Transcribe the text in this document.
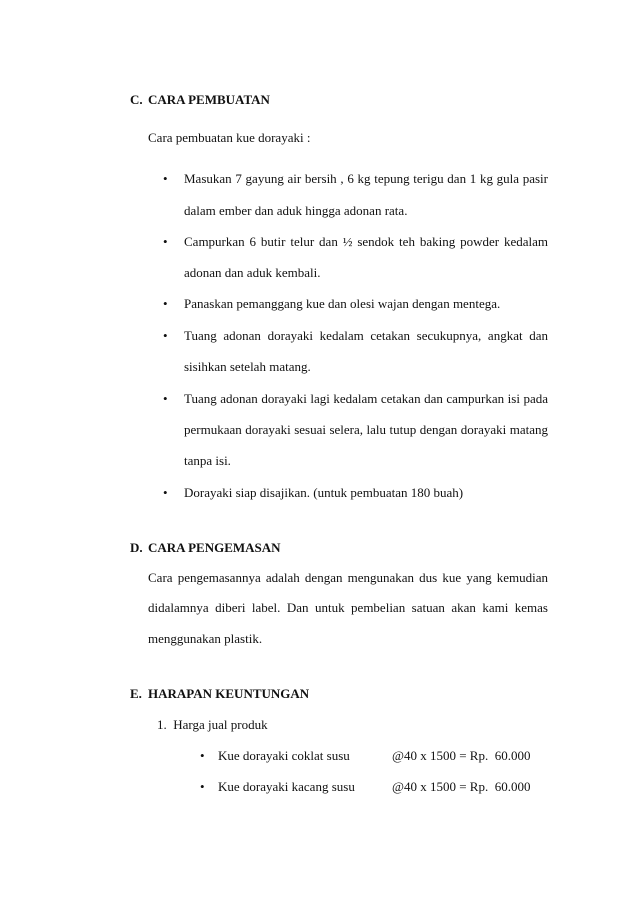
C. CARA PEMBUATAN
Cara pembuatan kue dorayaki :
• Masukan 7 gayung air bersih , 6 kg tepung terigu dan 1 kg gula pasir
dalam ember dan aduk hingga adonan rata.
• Campurkan 6 butir telur dan ½ sendok teh baking powder kedalam
adonan dan aduk kembali.
• Panaskan pemanggang kue dan olesi wajan dengan mentega.
• Tuang adonan dorayaki kedalam cetakan secukupnya, angkat dan
sisihkan setelah matang.
• Tuang adonan dorayaki lagi kedalam cetakan dan campurkan isi pada
permukaan dorayaki sesuai selera, lalu tutup dengan dorayaki matang
tanpa isi.
• Dorayaki siap disajikan. (untuk pembuatan 180 buah)
D. CARA PENGEMASAN
Cara pengemasannya adalah dengan mengunakan dus kue yang kemudian
didalamnya diberi label. Dan untuk pembelian satuan akan kami kemas
menggunakan plastik.
E. HARAPAN KEUNTUNGAN
1.  Harga jual produk
• Kue dorayaki coklat susu	@40 x 1500 = Rp.  60.000
• Kue dorayaki kacang susu	@40 x 1500 = Rp.  60.000
